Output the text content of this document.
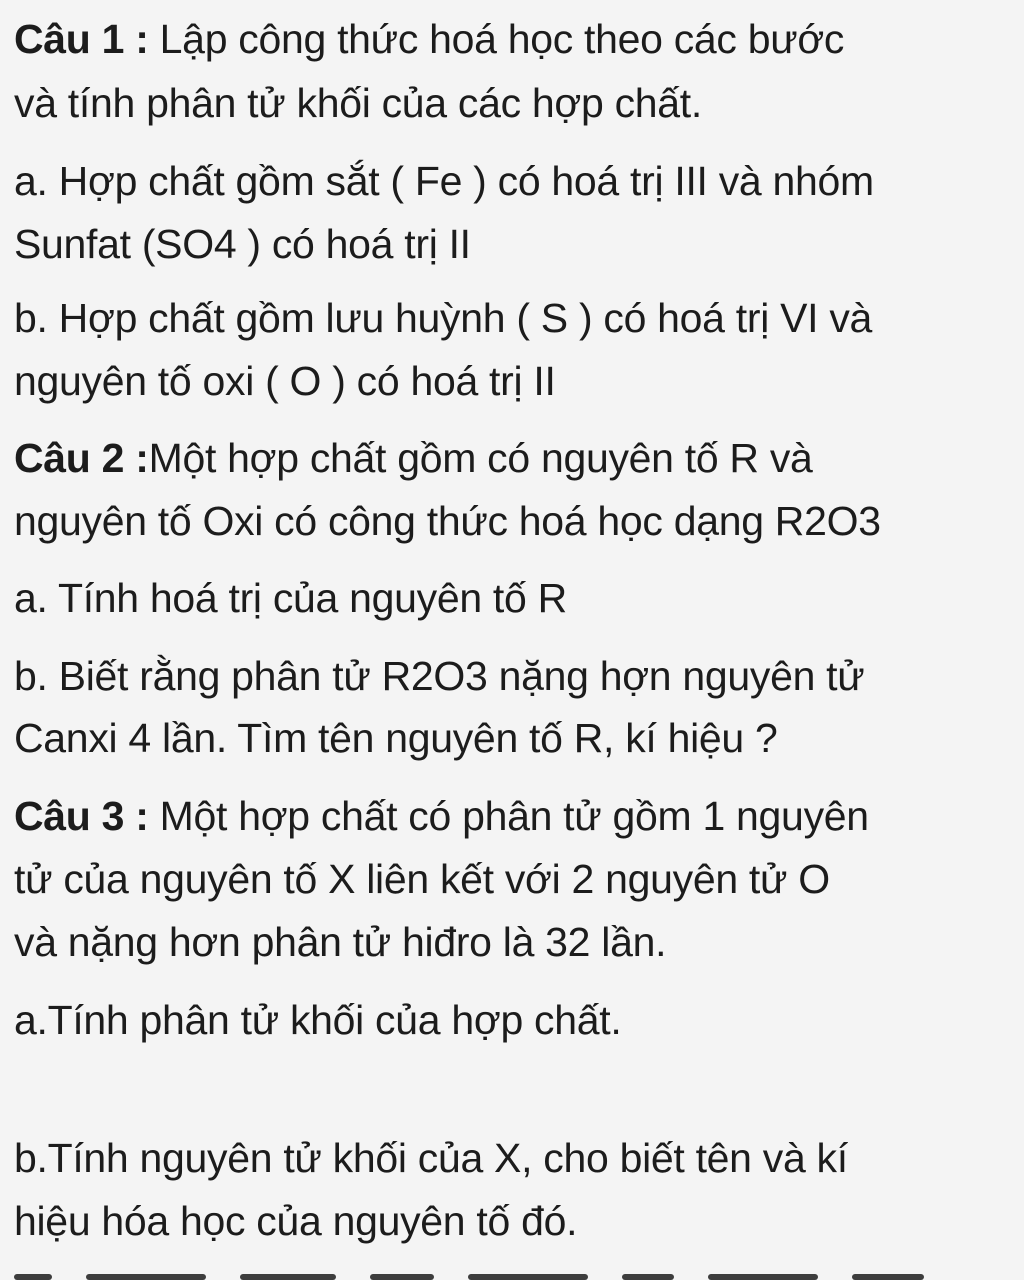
Câu 1 : Lập công thức hoá học theo các bước
và tính phân tử khối của các hợp chất.
a. Hợp chất gồm sắt ( Fe ) có hoá trị III và nhóm
Sunfat (SO4 ) có hoá trị II
b. Hợp chất gồm lưu huỳnh ( S ) có hoá trị VI và
nguyên tố oxi ( O ) có hoá trị II
Câu 2 :Một hợp chất gồm có nguyên tố R và
nguyên tố Oxi có công thức hoá học dạng R2O3
a. Tính hoá trị của nguyên tố R
b. Biết rằng phân tử R2O3 nặng hợn nguyên tử
Canxi 4 lần. Tìm tên nguyên tố R, kí hiệu ?
Câu 3 : Một hợp chất có phân tử gồm 1 nguyên
tử của nguyên tố X liên kết với 2 nguyên tử O
và nặng hơn phân tử hiđro là 32 lần.
a.Tính phân tử khối của hợp chất.
b.Tính nguyên tử khối của X, cho biết tên và kí
hiệu hóa học của nguyên tố đó.
